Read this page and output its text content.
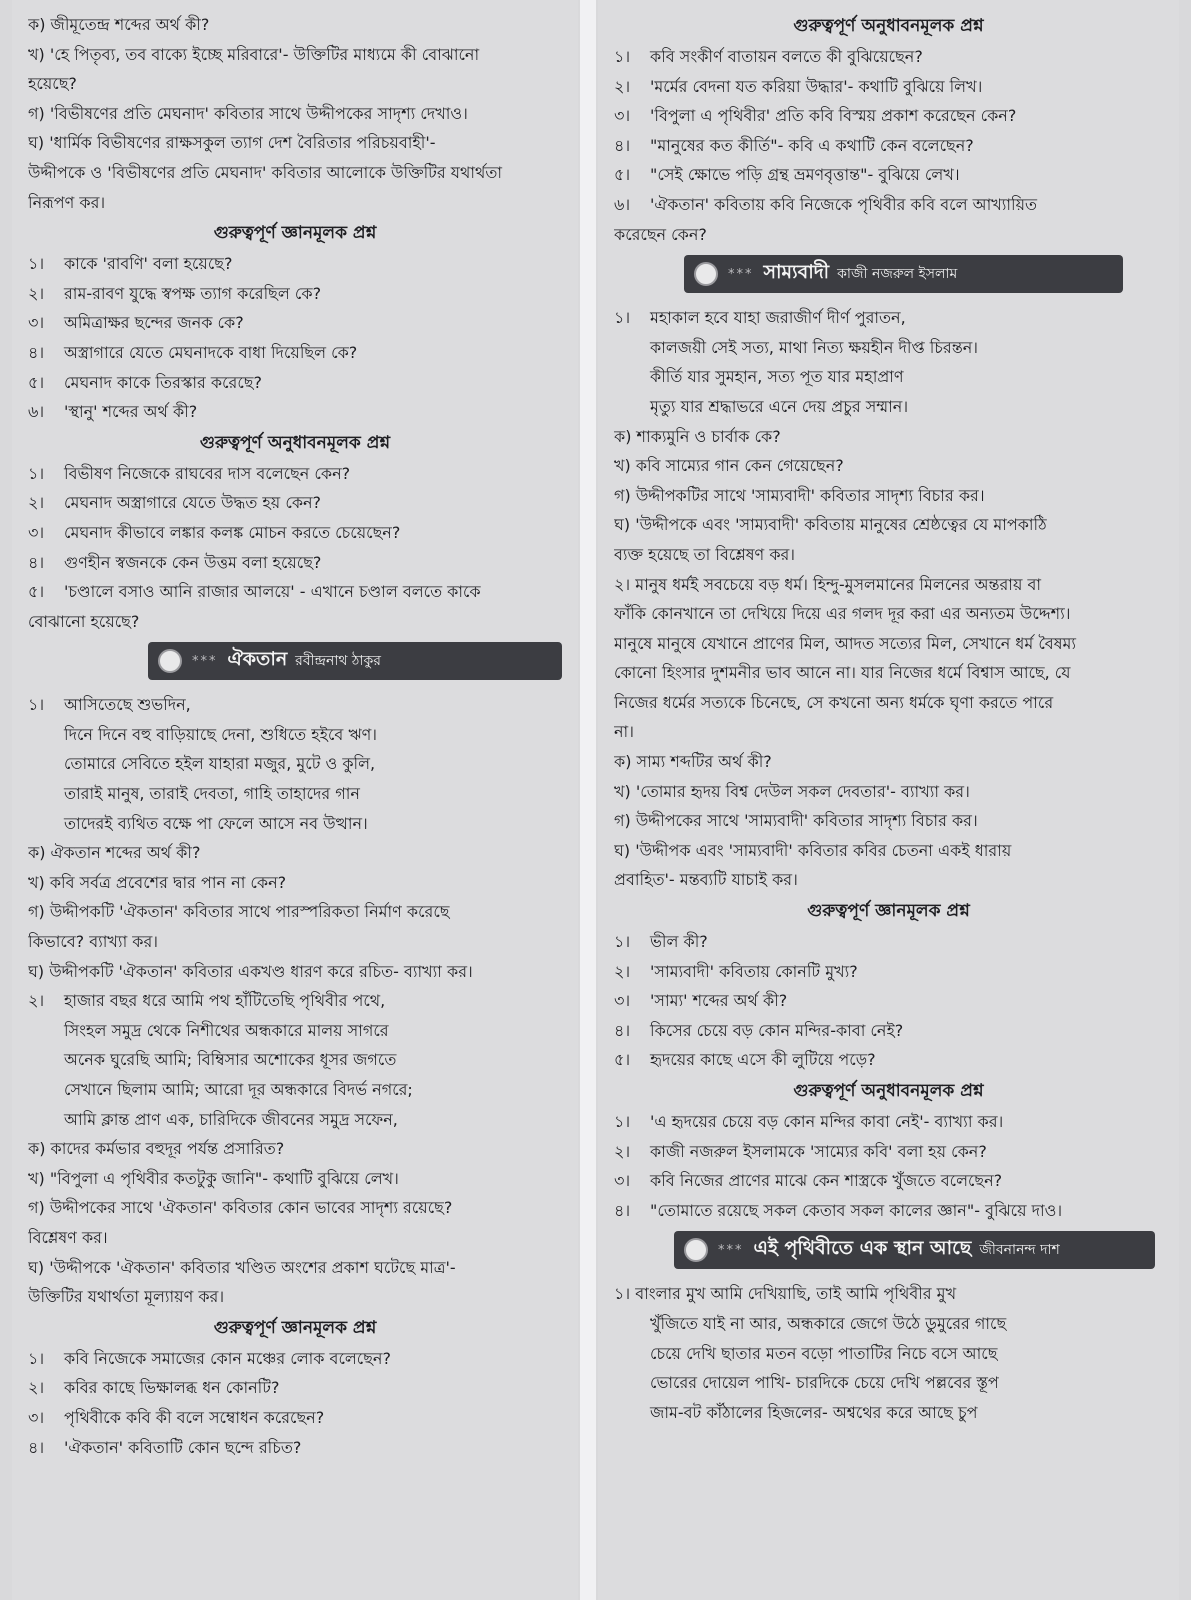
ক) জীমূতেন্দ্র শব্দের অর্থ কী?
খ) 'হে পিতৃব্য, তব বাক্যে ইচ্ছে মরিবারে'- উক্তিটির মাধ্যমে কী বোঝানো
হয়েছে?
গ) 'বিভীষণের প্রতি মেঘনাদ' কবিতার সাথে উদ্দীপকের সাদৃশ্য দেখাও।
ঘ) 'ধার্মিক বিভীষণের রাক্ষসকুল ত্যাগ দেশ বৈরিতার পরিচয়বাহী'-
উদ্দীপকে ও 'বিভীষণের প্রতি মেঘনাদ' কবিতার আলোকে উক্তিটির যথার্থতা
নিরূপণ কর।
গুরুত্বপূর্ণ জ্ঞানমূলক প্রশ্ন
১।	কাকে 'রাবণি' বলা হয়েছে?
২।	রাম-রাবণ যুদ্ধে স্বপক্ষ ত্যাগ করেছিল কে?
৩।	অমিত্রাক্ষর ছন্দের জনক কে?
৪।	অস্ত্রাগারে যেতে মেঘনাদকে বাধা দিয়েছিল কে?
৫।	মেঘনাদ কাকে তিরস্কার করেছে?
৬।	'স্থানু' শব্দের অর্থ কী?
গুরুত্বপূর্ণ অনুধাবনমূলক প্রশ্ন
১।	বিভীষণ নিজেকে রাঘবের দাস বলেছেন কেন?
২।	মেঘনাদ অস্ত্রাগারে যেতে উদ্ধত হয় কেন?
৩।	মেঘনাদ কীভাবে লঙ্কার কলঙ্ক মোচন করতে চেয়েছেন?
৪।	গুণহীন স্বজনকে কেন উত্তম বলা হয়েছে?
৫।	'চণ্ডালে বসাও আনি রাজার আলয়ে' - এখানে চণ্ডাল বলতে কাকে
বোঝানো হয়েছে?
*** ঐকতান রবীন্দ্রনাথ ঠাকুর
১।	আসিতেছে শুভদিন,
দিনে দিনে বহু বাড়িয়াছে দেনা, শুধিতে হইবে ঋণ।
তোমারে সেবিতে হইল যাহারা মজুর, মুটে ও কুলি,
তারাই মানুষ, তারাই দেবতা, গাহি তাহাদের গান
তাদেরই ব্যথিত বক্ষে পা ফেলে আসে নব উত্থান।
ক) ঐকতান শব্দের অর্থ কী?
খ) কবি সর্বত্র প্রবেশের দ্বার পান না কেন?
গ) উদ্দীপকটি 'ঐকতান' কবিতার সাথে পারস্পরিকতা নির্মাণ করেছে
কিভাবে? ব্যাখ্যা কর।
ঘ) উদ্দীপকটি 'ঐকতান' কবিতার একখণ্ড ধারণ করে রচিত- ব্যাখ্যা কর।
২।	হাজার বছর ধরে আমি পথ হাঁটিতেছি পৃথিবীর পথে,
সিংহল সমুদ্র থেকে নিশীথের অন্ধকারে মালয় সাগরে
অনেক ঘুরেছি আমি; বিম্বিসার অশোকের ধূসর জগতে
সেখানে ছিলাম আমি; আরো দূর অন্ধকারে বিদর্ভ নগরে;
আমি ক্লান্ত প্রাণ এক, চারিদিকে জীবনের সমুদ্র সফেন,
ক) কাদের কর্মভার বহুদূর পর্যন্ত প্রসারিত?
খ) "বিপুলা এ পৃথিবীর কতটুকু জানি"- কথাটি বুঝিয়ে লেখ।
গ) উদ্দীপকের সাথে 'ঐকতান' কবিতার কোন ভাবের সাদৃশ্য রয়েছে?
বিশ্লেষণ কর।
ঘ) 'উদ্দীপকে 'ঐকতান' কবিতার খণ্ডিত অংশের প্রকাশ ঘটেছে মাত্র'-
উক্তিটির যথার্থতা মূল্যায়ণ কর।
গুরুত্বপূর্ণ জ্ঞানমূলক প্রশ্ন
১।	কবি নিজেকে সমাজের কোন মঞ্চের লোক বলেছেন?
২।	কবির কাছে ভিক্ষালব্ধ ধন কোনটি?
৩।	পৃথিবীকে কবি কী বলে সম্বোধন করেছেন?
৪।	'ঐকতান' কবিতাটি কোন ছন্দে রচিত?
গুরুত্বপূর্ণ অনুধাবনমূলক প্রশ্ন
১।	কবি সংকীর্ণ বাতায়ন বলতে কী বুঝিয়েছেন?
২।	'মর্মের বেদনা যত করিয়া উদ্ধার'- কথাটি বুঝিয়ে লিখ।
৩।	'বিপুলা এ পৃথিবীর' প্রতি কবি বিস্ময় প্রকাশ করেছেন কেন?
৪।	"মানুষের কত কীর্তি"- কবি এ কথাটি কেন বলেছেন?
৫।	"সেই ক্ষোভে পড়ি গ্রন্থ ভ্রমণবৃত্তান্ত"- বুঝিয়ে লেখ।
৬।	'ঐকতান' কবিতায় কবি নিজেকে পৃথিবীর কবি বলে আখ্যায়িত
করেছেন কেন?
*** সাম্যবাদী কাজী নজরুল ইসলাম
১।	মহাকাল হবে যাহা জরাজীর্ণ দীর্ণ পুরাতন,
কালজয়ী সেই সত্য, মাথা নিত্য ক্ষয়হীন দীপ্ত চিরন্তন।
কীর্তি যার সুমহান, সত্য পূত যার মহাপ্রাণ
মৃত্যু যার শ্রদ্ধাভরে এনে দেয় প্রচুর সম্মান।
ক) শাক্যমুনি ও চার্বাক কে?
খ) কবি সাম্যের গান কেন গেয়েছেন?
গ) উদ্দীপকটির সাথে 'সাম্যবাদী' কবিতার সাদৃশ্য বিচার কর।
ঘ) 'উদ্দীপকে এবং 'সাম্যবাদী' কবিতায় মানুষের শ্রেষ্ঠত্বের যে মাপকাঠি
ব্যক্ত হয়েছে তা বিশ্লেষণ কর।
২। মানুষ ধর্মই সবচেয়ে বড় ধর্ম। হিন্দু-মুসলমানের মিলনের অন্তরায় বা
ফাঁকি কোনখানে তা দেখিয়ে দিয়ে এর গলদ দূর করা এর অন্যতম উদ্দেশ্য।
মানুষে মানুষে যেখানে প্রাণের মিল, আদত সত্যের মিল, সেখানে ধর্ম বৈষম্য
কোনো হিংসার দুশমনীর ভাব আনে না। যার নিজের ধর্মে বিশ্বাস আছে, যে
নিজের ধর্মের সত্যকে চিনেছে, সে কখনো অন্য ধর্মকে ঘৃণা করতে পারে
না।
ক) সাম্য শব্দটির অর্থ কী?
খ) 'তোমার হৃদয় বিশ্ব দেউল সকল দেবতার'- ব্যাখ্যা কর।
গ) উদ্দীপকের সাথে 'সাম্যবাদী' কবিতার সাদৃশ্য বিচার কর।
ঘ) 'উদ্দীপক এবং 'সাম্যবাদী' কবিতার কবির চেতনা একই ধারায়
প্রবাহিত'- মন্তব্যটি যাচাই কর।
গুরুত্বপূর্ণ জ্ঞানমূলক প্রশ্ন
১।	ভীল কী?
২।	'সাম্যবাদী' কবিতায় কোনটি মুখ্য?
৩।	'সাম্য' শব্দের অর্থ কী?
৪।	কিসের চেয়ে বড় কোন মন্দির-কাবা নেই?
৫।	হৃদয়ের কাছে এসে কী লুটিয়ে পড়ে?
গুরুত্বপূর্ণ অনুধাবনমূলক প্রশ্ন
১।	'এ হৃদয়ের চেয়ে বড় কোন মন্দির কাবা নেই'- ব্যাখ্যা কর।
২।	কাজী নজরুল ইসলামকে 'সাম্যের কবি' বলা হয় কেন?
৩।	কবি নিজের প্রাণের মাঝে কেন শাস্ত্রকে খুঁজতে বলেছেন?
৪।	"তোমাতে রয়েছে সকল কেতাব সকল কালের জ্ঞান"- বুঝিয়ে দাও।
*** এই পৃথিবীতে এক স্থান আছে জীবনানন্দ দাশ
১। বাংলার মুখ আমি দেখিয়াছি, তাই আমি পৃথিবীর মুখ
খুঁজিতে যাই না আর, অন্ধকারে জেগে উঠে ডুমুরের গাছে
চেয়ে দেখি ছাতার মতন বড়ো পাতাটির নিচে বসে আছে
ভোরের দোয়েল পাখি- চারদিকে চেয়ে দেখি পল্লবের স্তূপ
জাম-বট কাঁঠালের হিজলের- অশ্বথের করে আছে চুপ
